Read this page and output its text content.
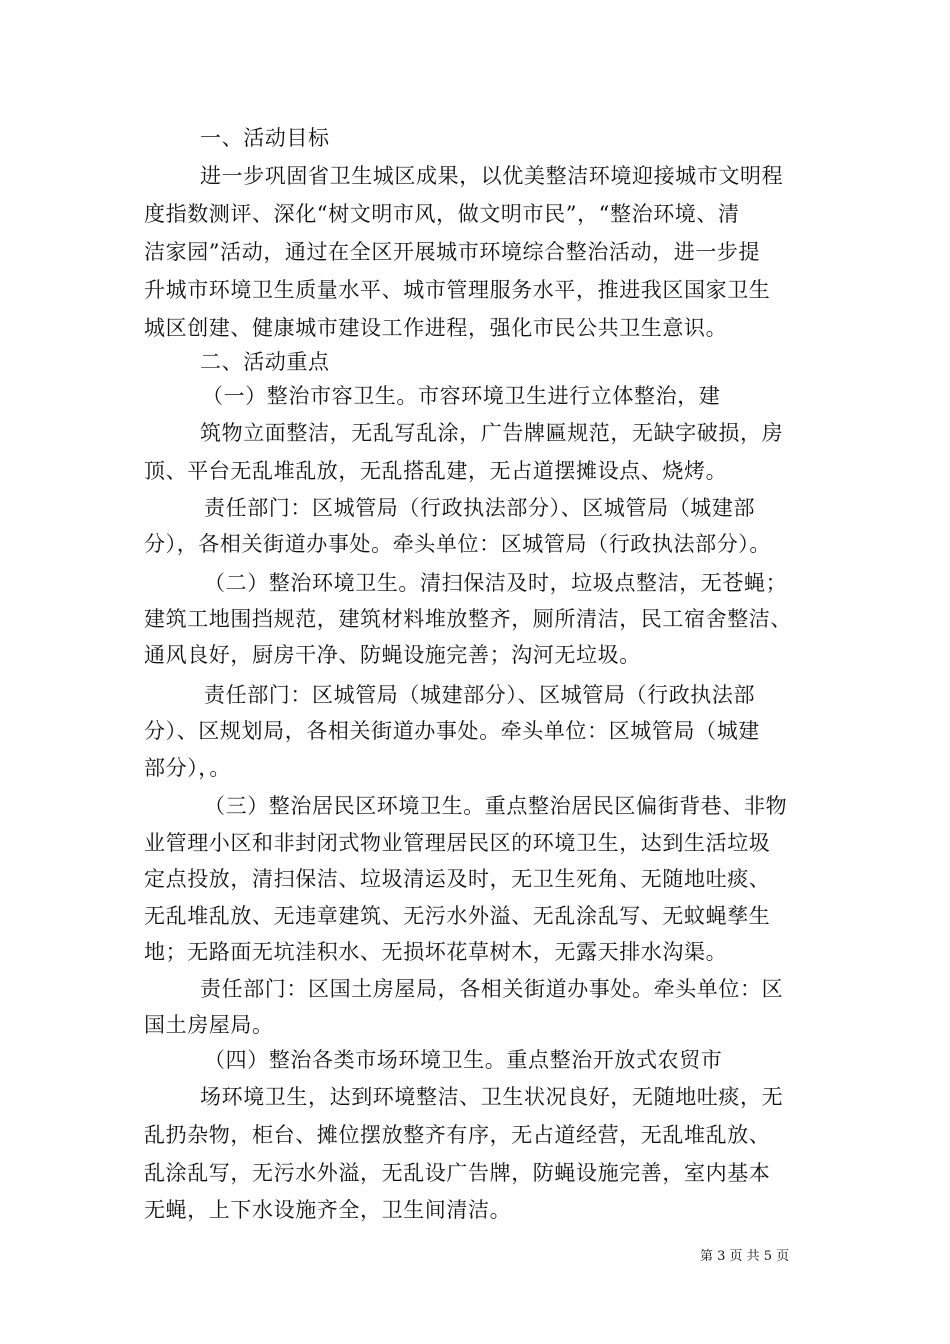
一、活动目标
进一步巩固省卫生城区成果，以优美整洁环境迎接城市文明程
度指数测评、深化“树文明市风，做文明市民”，“整治环境、清
洁家园”活动，通过在全区开展城市环境综合整治活动，进一步提
升城市环境卫生质量水平、城市管理服务水平，推进我区国家卫生
城区创建、健康城市建设工作进程，强化市民公共卫生意识。
二、活动重点
（一）整治市容卫生。市容环境卫生进行立体整治，建
筑物立面整洁，无乱写乱涂，广告牌匾规范，无缺字破损，房
顶、平台无乱堆乱放，无乱搭乱建，无占道摆摊设点、烧烤。
责任部门：区城管局（行政执法部分）、区城管局（城建部
分），各相关街道办事处。牵头单位：区城管局（行政执法部分）。
（二）整治环境卫生。清扫保洁及时，垃圾点整洁，无苍蝇；
建筑工地围挡规范，建筑材料堆放整齐，厕所清洁，民工宿舍整洁、
通风良好，厨房干净、防蝇设施完善；沟河无垃圾。
责任部门：区城管局（城建部分）、区城管局（行政执法部
分）、区规划局，各相关街道办事处。牵头单位：区城管局（城建
部分），。
（三）整治居民区环境卫生。重点整治居民区偏街背巷、非物
业管理小区和非封闭式物业管理居民区的环境卫生，达到生活垃圾
定点投放，清扫保洁、垃圾清运及时，无卫生死角、无随地吐痰、
无乱堆乱放、无违章建筑、无污水外溢、无乱涂乱写、无蚊蝇孳生
地；无路面无坑洼积水、无损坏花草树木，无露天排水沟渠。
责任部门：区国土房屋局，各相关街道办事处。牵头单位：区
国土房屋局。
（四）整治各类市场环境卫生。重点整治开放式农贸市
场环境卫生，达到环境整洁、卫生状况良好，无随地吐痰，无
乱扔杂物，柜台、摊位摆放整齐有序，无占道经营，无乱堆乱放、
乱涂乱写，无污水外溢，无乱设广告牌，防蝇设施完善，室内基本
无蝇，上下水设施齐全，卫生间清洁。
第 3 页 共 5 页
